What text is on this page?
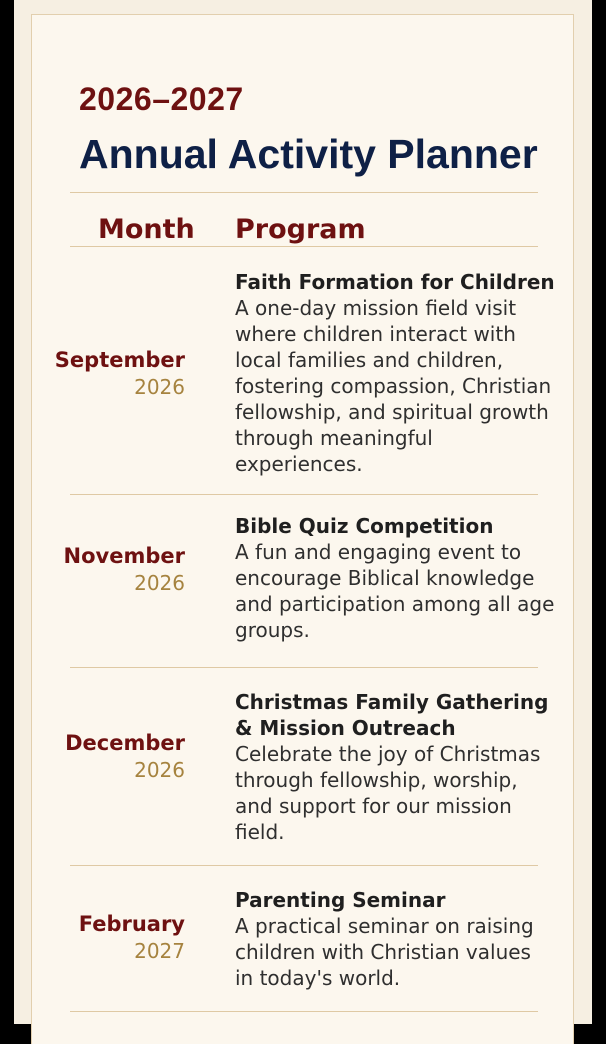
2026–2027
Annual Activity Planner
Month Program
September
2026
Faith Formation for Children
A one-day mission field visit where children interact with local families and children, fostering compassion, Christian fellowship, and spiritual growth through meaningful experiences.
November
2026
Bible Quiz Competition
A fun and engaging event to encourage Biblical knowledge and participation among all age groups.
December
2026
Christmas Family Gathering & Mission Outreach
Celebrate the joy of Christmas through fellowship, worship, and support for our mission field.
February
2027
Parenting Seminar
A practical seminar on raising children with Christian values in today's world.
